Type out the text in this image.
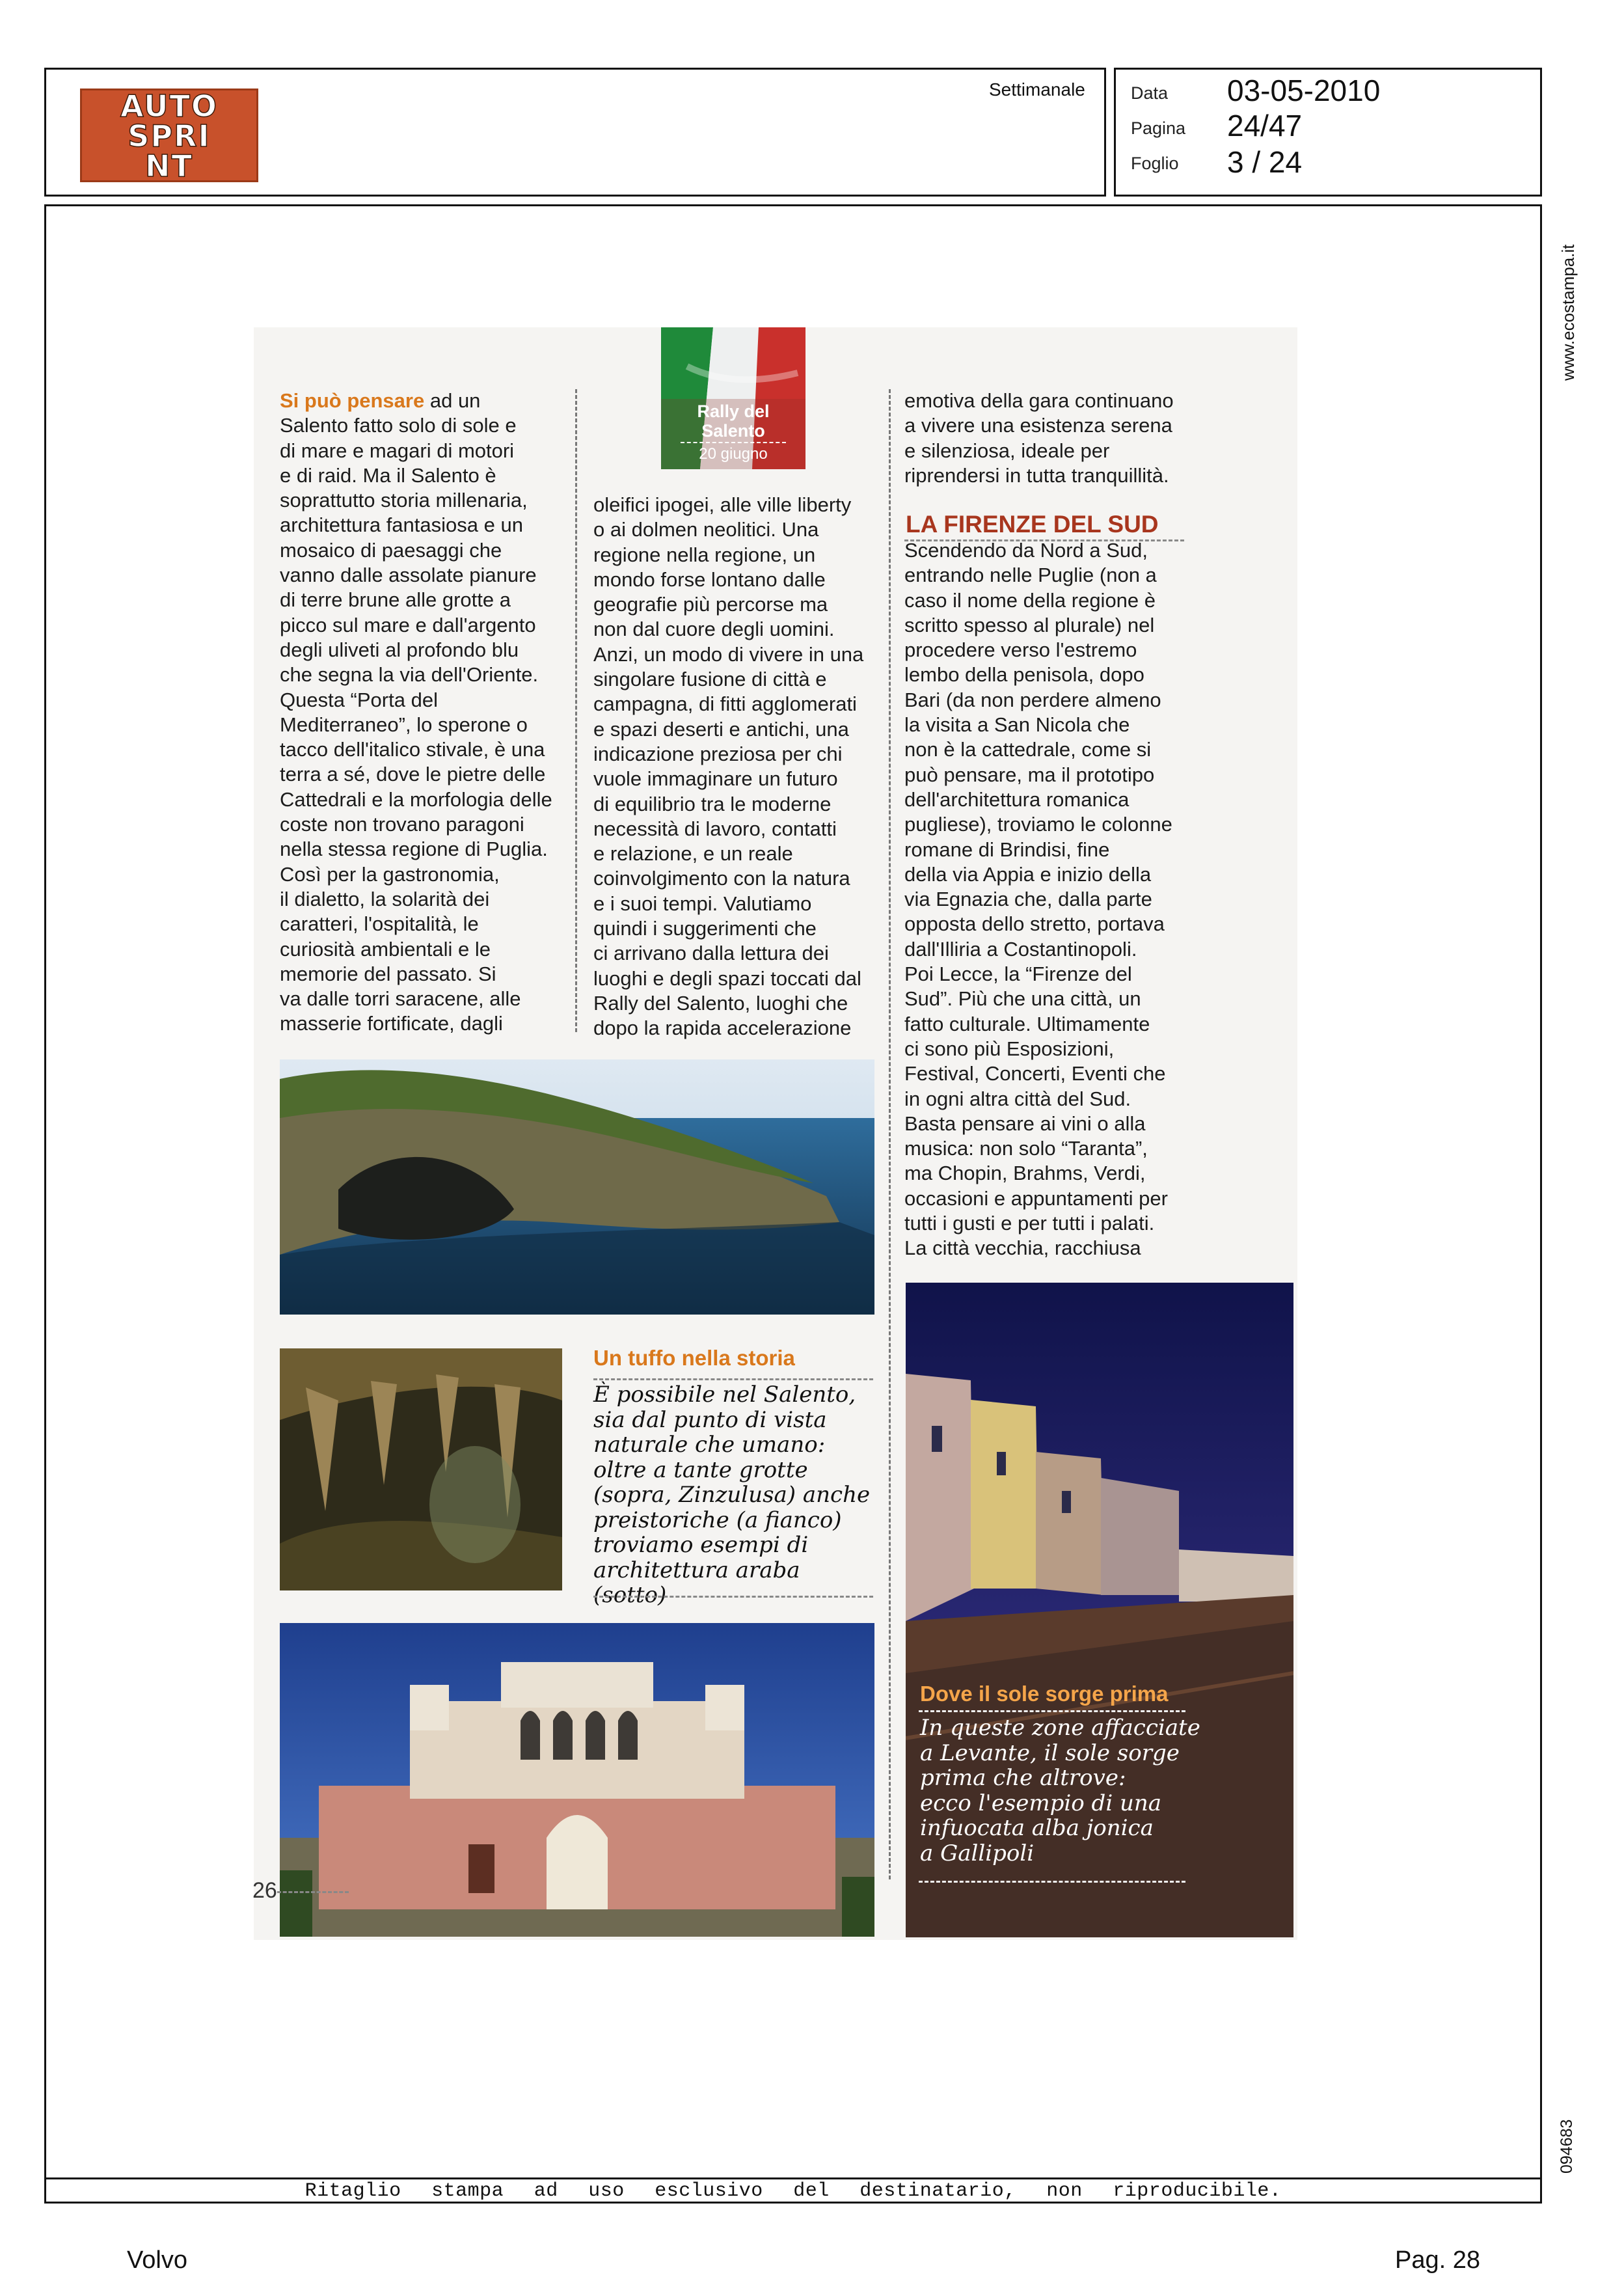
AUTO
SPRI
NT
Settimanale	Data 03-05-2010
Pagina 24/47
Foglio 3 / 24
www.ecostampa.it
094683
Ritaglio stampa ad uso esclusivo del destinatario, non riproducibile.
Volvo	Pag. 28
Rally del
Salento
20 giugno
Si può pensare ad un
Salento fatto solo di sole e
di mare e magari di motori
e di raid. Ma il Salento è
soprattutto storia millenaria,
architettura fantasiosa e un
mosaico di paesaggi che
vanno dalle assolate pianure
di terre brune alle grotte a
picco sul mare e dall'argento
degli uliveti al profondo blu
che segna la via dell'Oriente.
Questa “Porta del
Mediterraneo”, lo sperone o
tacco dell'italico stivale, è una
terra a sé, dove le pietre delle
Cattedrali e la morfologia delle
coste non trovano paragoni
nella stessa regione di Puglia.
Così per la gastronomia,
il dialetto, la solarità dei
caratteri, l'ospitalità, le
curiosità ambientali e le
memorie del passato. Si
va dalle torri saracene, alle
masserie fortificate, dagli
oleifici ipogei, alle ville liberty
o ai dolmen neolitici. Una
regione nella regione, un
mondo forse lontano dalle
geografie più percorse ma
non dal cuore degli uomini.
Anzi, un modo di vivere in una
singolare fusione di città e
campagna, di fitti agglomerati
e spazi deserti e antichi, una
indicazione preziosa per chi
vuole immaginare un futuro
di equilibrio tra le moderne
necessità di lavoro, contatti
e relazione, e un reale
coinvolgimento con la natura
e i suoi tempi. Valutiamo
quindi i suggerimenti che
ci arrivano dalla lettura dei
luoghi e degli spazi toccati dal
Rally del Salento, luoghi che
dopo la rapida accelerazione
emotiva della gara continuano
a vivere una esistenza serena
e silenziosa, ideale per
riprendersi in tutta tranquillità.
LA FIRENZE DEL SUD
Scendendo da Nord a Sud,
entrando nelle Puglie (non a
caso il nome della regione è
scritto spesso al plurale) nel
procedere verso l'estremo
lembo della penisola, dopo
Bari (da non perdere almeno
la visita a San Nicola che
non è la cattedrale, come si
può pensare, ma il prototipo
dell'architettura romanica
pugliese), troviamo le colonne
romane di Brindisi, fine
della via Appia e inizio della
via Egnazia che, dalla parte
opposta dello stretto, portava
dall'Illiria a Costantinopoli.
Poi Lecce, la “Firenze del
Sud”. Più che una città, un
fatto culturale. Ultimamente
ci sono più Esposizioni,
Festival, Concerti, Eventi che
in ogni altra città del Sud.
Basta pensare ai vini o alla
musica: non solo “Taranta”,
ma Chopin, Brahms, Verdi,
occasioni e appuntamenti per
tutti i gusti e per tutti i palati.
La città vecchia, racchiusa
Un tuffo nella storia
È possibile nel Salento,
sia dal punto di vista
naturale che umano:
oltre a tante grotte
(sopra, Zinzulusa) anche
preistoriche (a fianco)
troviamo esempi di
architettura araba (sotto)
26
Dove il sole sorge prima
In queste zone affacciate
a Levante, il sole sorge
prima che altrove:
ecco l'esempio di una
infuocata alba jonica
a Gallipoli
